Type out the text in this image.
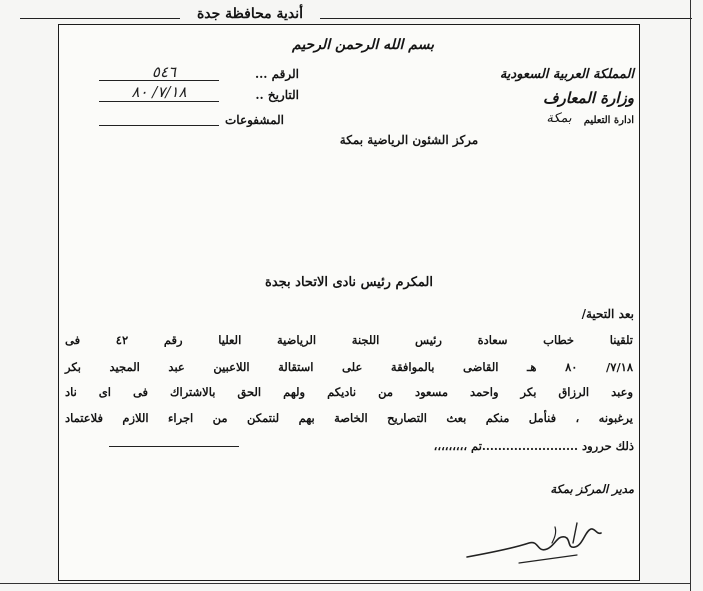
أندية محافظة جدة
بسم الله الرحمن الرحيم
المملكة العربية السعودية
وزارة المعارف
ادارة التعليم
بمكة
الرقم ...
٥٤٦
التاريخ ..
٧/١٨/ ٨٠
المشفوعات
مركز الشئون الرياضية بمكة
المكرم رئيس نادى الاتحاد بجدة
بعد التحية/
تلقينا خطاب سعادة رئيس اللجنة الرياضية العليا رقم ٤٢ فى
٧/١٨/ ٨٠ هـ القاضى بالموافقة على استقالة اللاعبين عبد المجيد بكر
وعبد الرزاق بكر واحمد مسعود من ناديكم ولهم الحق بالاشتراك فى اى ناد
يرغبونه ، فنأمل منكم بعث التصاريح الخاصة بهم لنتمكن من اجراء اللازم فلاعتماد
ذلك حررود ........................تم ،،،،،،،،،
مدير المركز بمكة
